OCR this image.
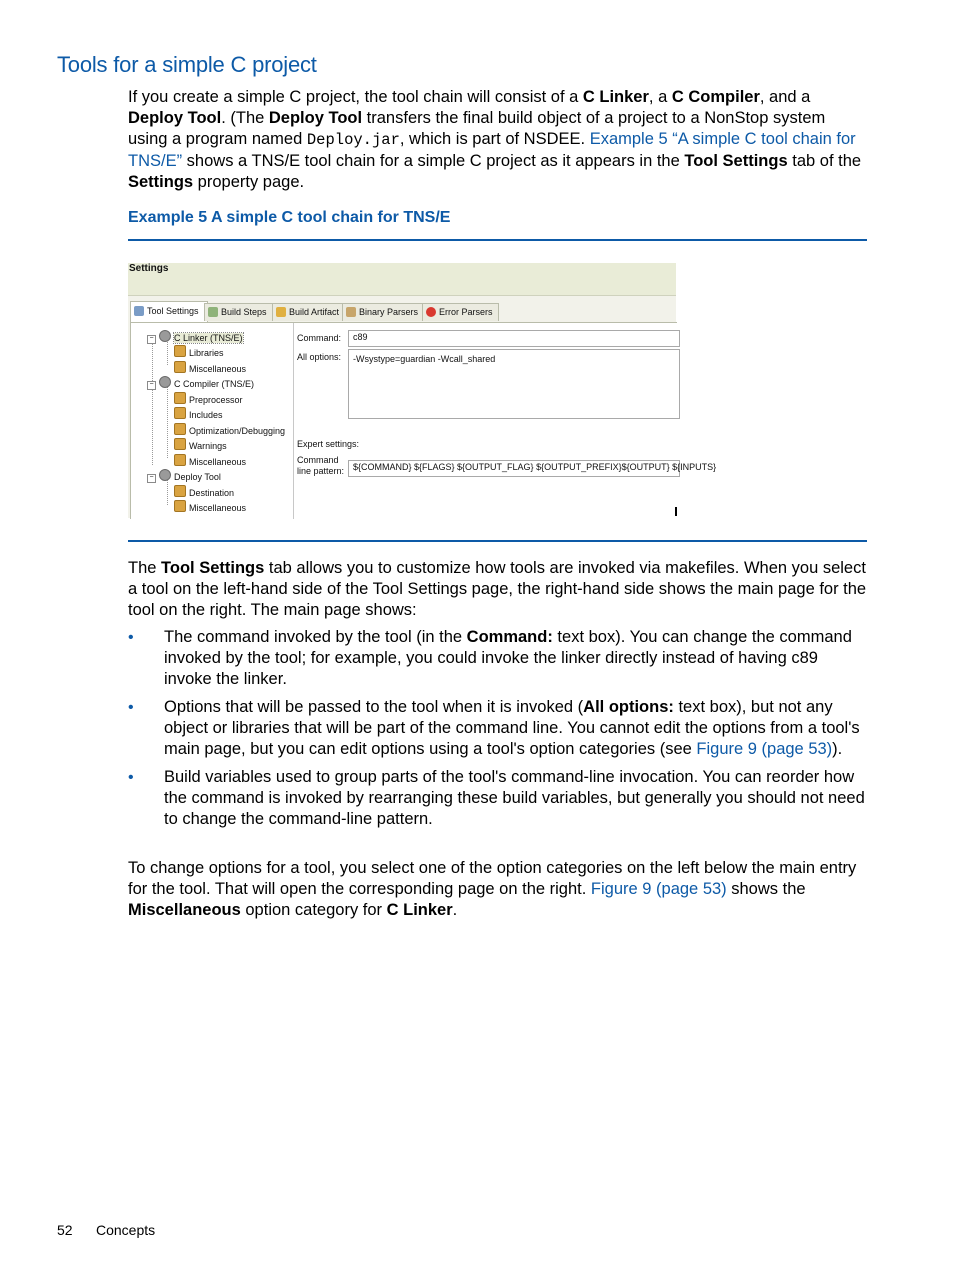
Tools for a simple C project

If you create a simple C project, the tool chain will consist of a C Linker, a C Compiler, and a Deploy Tool. (The Deploy Tool transfers the final build object of a project to a NonStop system using a program named Deploy.jar, which is part of NSDEE. Example 5 “A simple C tool chain for TNS/E” shows a TNS/E tool chain for a simple C project as it appears in the Tool Settings tab of the Settings property page.

Example 5 A simple C tool chain for TNS/E

Settings
Tool Settings	Build Steps	Build Artifact	Binary Parsers	Error Parsers
− C Linker (TNS/E)
Libraries
Miscellaneous
− C Compiler (TNS/E)
Preprocessor
Includes
Optimization/Debugging
Warnings
Miscellaneous
− Deploy Tool
Destination
Miscellaneous
Command:	c89
All options:	-Wsystype=guardian -Wcall_shared
Expert settings:
Command
line pattern: ${COMMAND} ${FLAGS} ${OUTPUT_FLAG} ${OUTPUT_PREFIX}${OUTPUT} ${INPUTS}

The Tool Settings tab allows you to customize how tools are invoked via makefiles. When you select a tool on the left-hand side of the Tool Settings page, the right-hand side shows the main page for the tool on the right. The main page shows:

• The command invoked by the tool (in the Command: text box). You can change the command invoked by the tool; for example, you could invoke the linker directly instead of having c89 invoke the linker.
• Options that will be passed to the tool when it is invoked (All options: text box), but not any object or libraries that will be part of the command line. You cannot edit the options from a tool's main page, but you can edit options using a tool's option categories (see Figure 9 (page 53)).
• Build variables used to group parts of the tool's command-line invocation. You can reorder how the command is invoked by rearranging these build variables, but generally you should not need to change the command-line pattern.

To change options for a tool, you select one of the option categories on the left below the main entry for the tool. That will open the corresponding page on the right. Figure 9 (page 53) shows the Miscellaneous option category for C Linker.

52 Concepts
